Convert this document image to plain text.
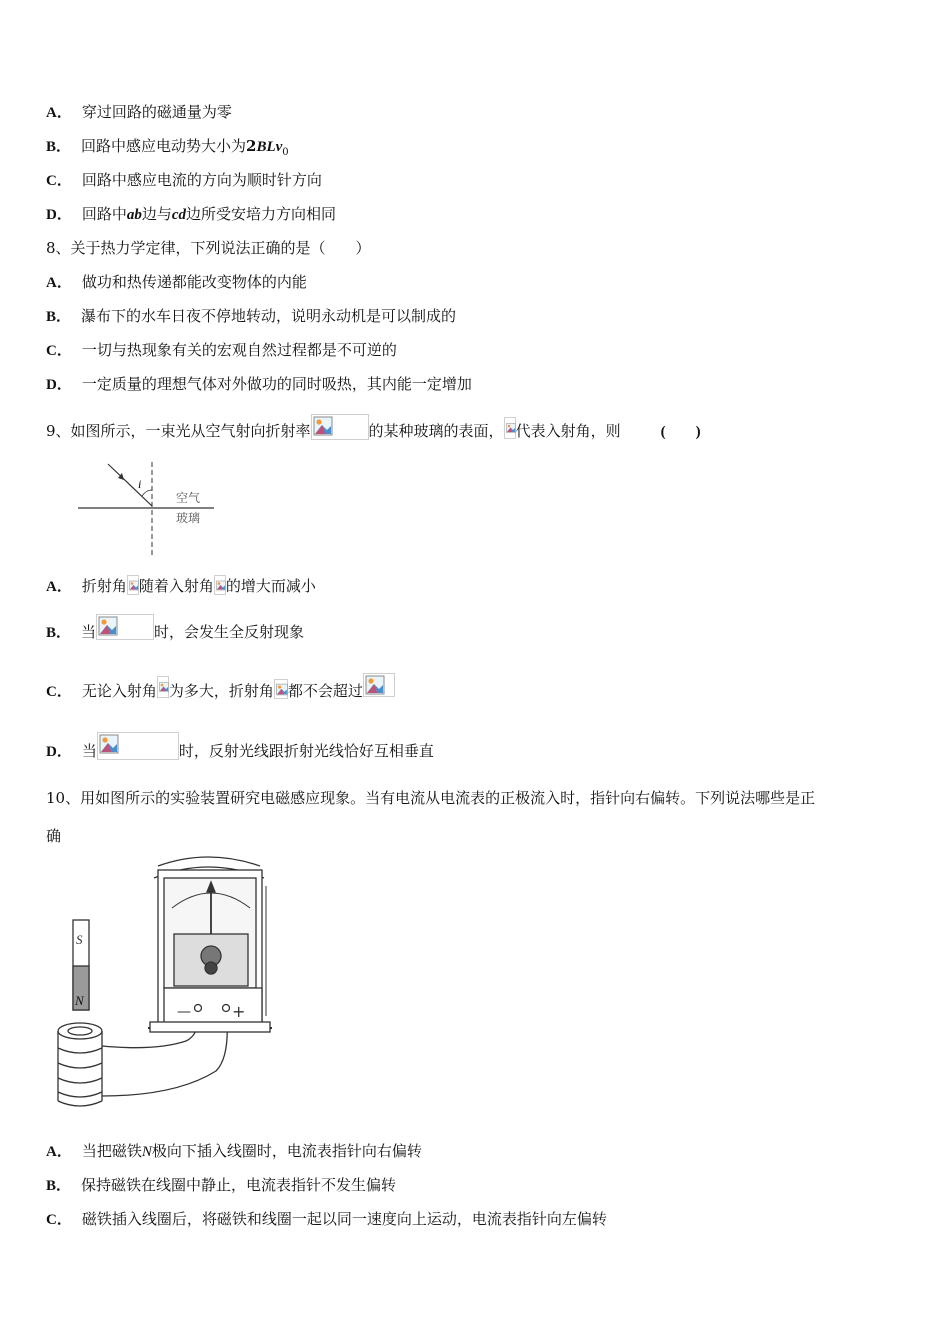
A． 穿过回路的磁通量为零
B． 回路中感应电动势大小为2BLv$_0$
C． 回路中感应电流的方向为顺时针方向
D． 回路中ab边与cd边所受安培力方向相同
8、关于热力学定律，下列说法正确的是（　　）
A． 做功和热传递都能改变物体的内能
B． 瀑布下的水车日夜不停地转动，说明永动机是可以制成的
C． 一切与热现象有关的宏观自然过程都是不可逆的
D． 一定质量的理想气体对外做功的同时吸热，其内能一定增加
9、如图所示，一束光从空气射向折射率	的某种玻璃的表面， 代表入射角，则	(　　)
i
空气
玻璃
A． 折射角 随着入射角 的增大而减小
B． 当	时，会发生全反射现象
C． 无论入射角 为多大，折射角 都不会超过
D． 当	时，反射光线跟折射光线恰好互相垂直
10、用如图所示的实验装置研究电磁感应现象。当有电流从电流表的正极流入时，指针向右偏转。下列说法哪些是正
确
S
N
—	+
A． 当把磁铁N极向下插入线圈时，电流表指针向右偏转
B． 保持磁铁在线圈中静止，电流表指针不发生偏转
C． 磁铁插入线圈后，将磁铁和线圈一起以同一速度向上运动，电流表指针向左偏转
